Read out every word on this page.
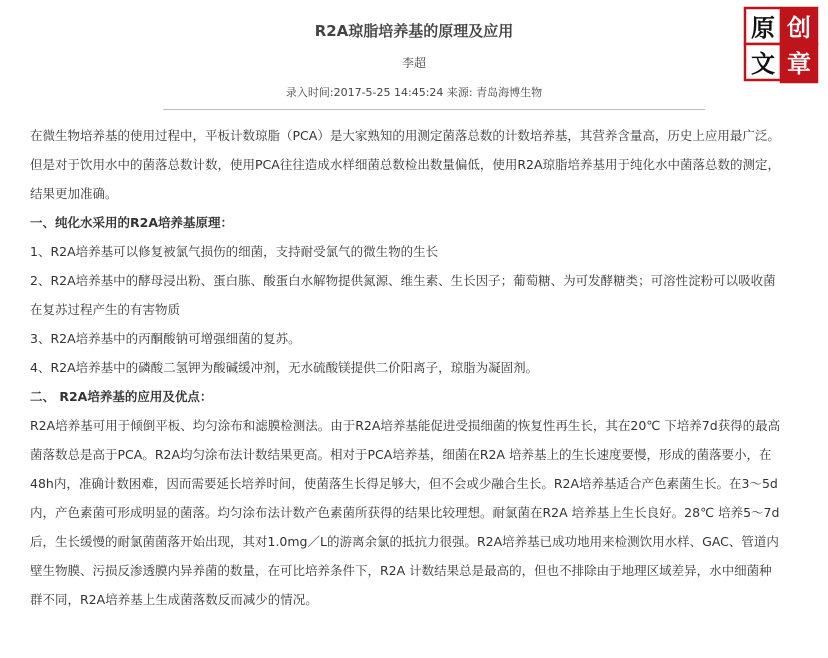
原 创
文 章
R2A琼脂培养基的原理及应用
李超
录入时间:2017-5-25 14:45:24 来源: 青岛海博生物

在微生物培养基的使用过程中，平板计数琼脂（PCA）是大家熟知的用测定菌落总数的计数培养基，其营养含量高，历史上应用最广泛。但是对于饮用水中的菌落总数计数，使用PCA往往造成水样细菌总数检出数量偏低，使用R2A琼脂培养基用于纯化水中菌落总数的测定，结果更加准确。

一、纯化水采用的R2A培养基原理：

1、R2A培养基可以修复被氯气损伤的细菌，支持耐受氯气的微生物的生长

2、R2A培养基中的酵母浸出粉、蛋白胨、酸蛋白水解物提供氮源、维生素、生长因子；葡萄糖、为可发酵糖类；可溶性淀粉可以吸收菌在复苏过程产生的有害物质

3、R2A培养基中的丙酮酸钠可增强细菌的复苏。

4、R2A培养基中的磷酸二氢钾为酸碱缓冲剂，无水硫酸镁提供二价阳离子，琼脂为凝固剂。

二、 R2A培养基的应用及优点：

R2A培养基可用于倾倒平板、均匀涂布和滤膜检测法。由于R2A培养基能促进受损细菌的恢复性再生长，其在20℃ 下培养7d获得的最高菌落数总是高于PCA。R2A均匀涂布法计数结果更高。相对于PCA培养基，细菌在R2A 培养基上的生长速度要慢，形成的菌落要小，在48h内，准确计数困难，因而需要延长培养时间，使菌落生长得足够大，但不会或少融合生长。R2A培养基适合产色素菌生长。在3～5d内，产色素菌可形成明显的菌落。均匀涂布法计数产色素菌所获得的结果比较理想。耐氯菌在R2A 培养基上生长良好。28℃ 培养5～7d后，生长缓慢的耐氯菌菌落开始出现，其对1.0mg／L的游离余氯的抵抗力很强。R2A培养基已成功地用来检测饮用水样、GAC、管道内壁生物膜、污损反渗透膜内异养菌的数量，在可比培养条件下，R2A 计数结果总是最高的，但也不排除由于地理区域差异，水中细菌种群不同，R2A培养基上生成菌落数反而减少的情况。
